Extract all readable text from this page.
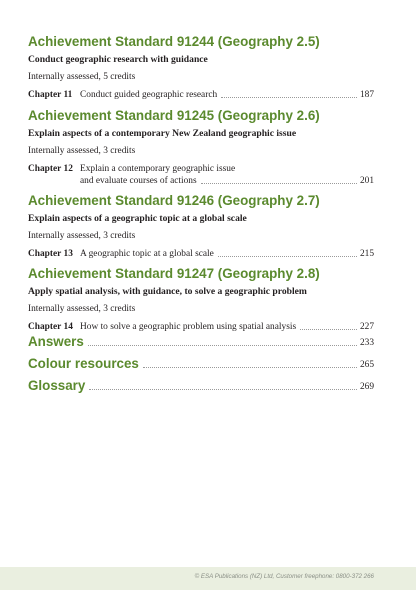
Achievement Standard 91244 (Geography 2.5)
Conduct geographic research with guidance
Internally assessed, 5 credits
Chapter 11 Conduct guided geographic research	187
Achievement Standard 91245 (Geography 2.6)
Explain aspects of a contemporary New Zealand geographic issue
Internally assessed, 3 credits
Chapter 12 Explain a contemporary geographic issue
and evaluate courses of actions	201
Achievement Standard 91246 (Geography 2.7)
Explain aspects of a geographic topic at a global scale
Internally assessed, 3 credits
Chapter 13 A geographic topic at a global scale	215
Achievement Standard 91247 (Geography 2.8)
Apply spatial analysis, with guidance, to solve a geographic problem
Internally assessed, 3 credits
Chapter 14 How to solve a geographic problem using spatial analysis	227
Answers	233
Colour resources	265
Glossary	269
© ESA Publications (NZ) Ltd, Customer freephone: 0800-372 266
